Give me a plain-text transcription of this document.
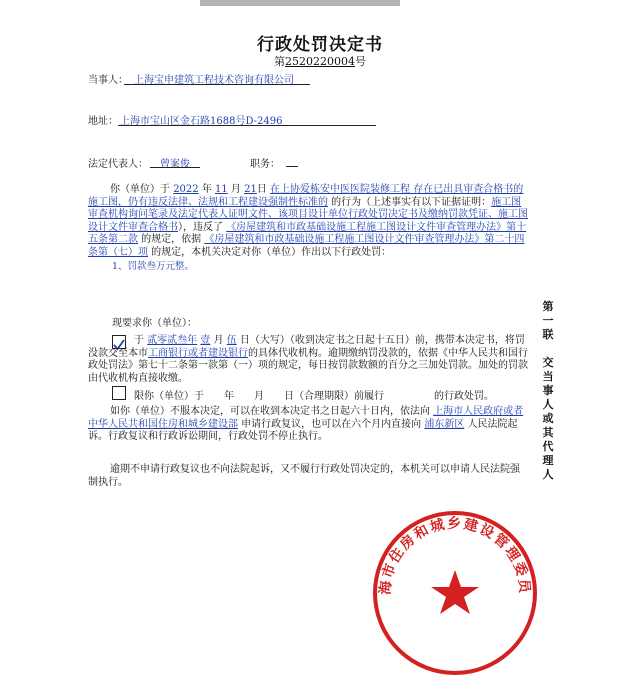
行政处罚决定书
第2520220004号
当事人： 上海宝申建筑工程技术咨询有限公司
地址： 上海市宝山区金石路1688号D-2496
法定代表人： 曾案俊	职务：
你（单位）于 2022 年 11 月 21日 在上协爱栋安中医医院装修工程 存在已出具审查合格书的施工图，仍有违反法律、法规和工程建设强制性标准的 的行为（上述事实有以下证据证明：施工图审查机构询问笔录及法定代表人证明文件、该项目设计单位行政处罚决定书及缴纳罚款凭证、施工图设计文件审查合格书），违反了 《房屋建筑和市政基础设施工程施工图设计文件审查管理办法》第十五条第二款 的规定，依据 《房屋建筑和市政基础设施工程施工图设计文件审查管理办法》第二十四条第（七）项 的规定，本机关决定对你（单位）作出以下行政处罚：
1、罚款叁万元整。
现要求你（单位）：
于 贰零贰叁年 壹 月 伍 日（大写）（收到决定书之日起十五日）前，携带本决定书，将罚没款交至本市工商银行或者建设银行的具体代收机构。逾期缴纳罚没款的，依据《中华人民共和国行政处罚法》第七十二条第一款第（一）项的规定，每日按罚款数额的百分之三加处罚款。加处的罚款由代收机构直接收缴。
限你（单位）于　　年　　月　　日（合理期限）前履行　　　　　的行政处罚。
如你（单位）不服本决定，可以在收到本决定书之日起六十日内，依法向 上海市人民政府或者中华人民共和国住房和城乡建设部 申请行政复议，也可以在六个月内直接向 浦东新区 人民法院起诉。行政复议和行政诉讼期间，行政处罚不停止执行。
逾期不申请行政复议也不向法院起诉，又不履行行政处罚决定的，本机关可以申请人民法院强制执行。
第
一
联

交
当
事
人
或
其
代
理
人
海市住房和城乡建设管理委员
